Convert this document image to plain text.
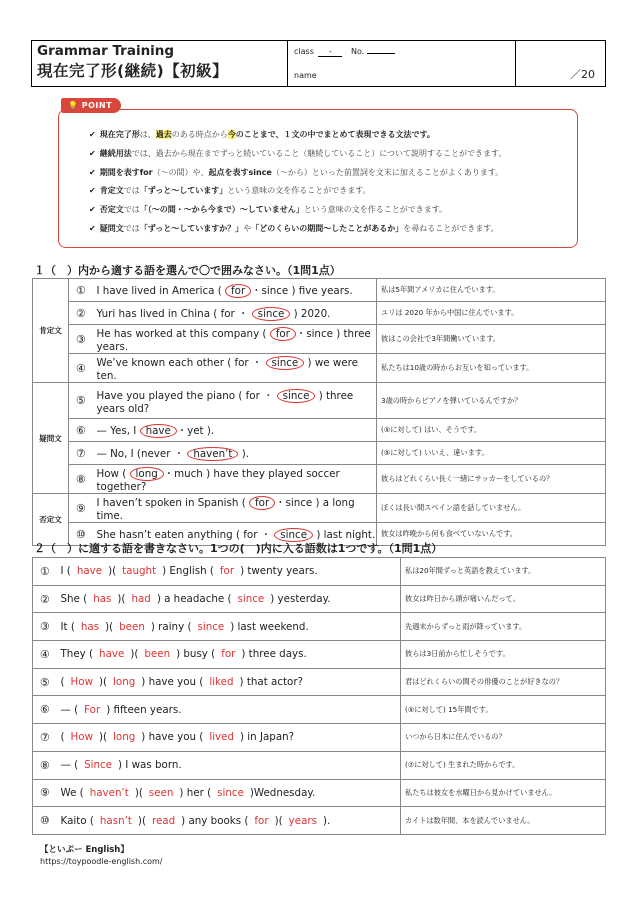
Grammar Training
現在完了形(継続)【初級】
class - No.
name	／20
💡 POINT
✔ 現在完了形は、過去のある時点から今のことまで、１文の中でまとめて表現できる文法です。
✔ 継続用法では、過去から現在までずっと続いていること（継続していること）について説明することができます。
✔ 期間を表すfor（〜の間）や、起点を表すsince（〜から）といった前置詞を文末に加えることがよくあります。
✔ 肯定文では「ずっと〜しています」という意味の文を作ることができます。
✔ 否定文では「（〜の間・〜から今まで）〜していません」という意味の文を作ることができます。
✔ 疑問文では「ずっと〜していますか？」や「どのくらいの期間〜したことがあるか」を尋ねることができます。
１（　）内から適する語を選んで〇で囲みなさい。（1問1点）
肯定文	①	I have lived in America ( for ・since ) five years.	私は5年間アメリカに住んでいます。
	②	Yuri has lived in China ( for ・ since ) 2020.	ユリは 2020 年から中国に住んでいます。
	③	He has worked at this company ( for ・since ) three years.	彼はこの会社で3年間働いています。
	④	We’ve known each other ( for ・ since ) we were ten.	私たちは10歳の時からお互いを知っています。
疑問文	⑤	Have you played the piano ( for ・ since ) three years old?	3歳の時からピアノを弾いているんですか？
	⑥	— Yes, I have ・yet ).	(⑤に対して) はい、そうです。
	⑦	— No, I (never ・ haven’t ).	(⑤に対して) いいえ、違います。
	⑧	How ( long ・much ) have they played soccer together?	彼らはどれくらい長く一緒にサッカーをしているの？
否定文	⑨	I haven’t spoken in Spanish ( for ・since ) a long time.	ぼくは長い間スペイン語を話していません。
	⑩	She hasn’t eaten anything ( for ・ since ) last night.	彼女は昨晩から何も食べていないんです。
２（　）に適する語を書きなさい。1つの(　)内に入る語数は1つです。（1問1点）
①	I ( have )( taught ) English ( for ) twenty years.	私は20年間ずっと英語を教えています。
②	She ( has )( had ) a headache ( since ) yesterday.	彼女は昨日から頭が痛いんだって。
③	It ( has )( been ) rainy ( since ) last weekend.	先週末からずっと雨が降っています。
④	They ( have )( been ) busy ( for ) three days.	彼らは3日前から忙しそうです。
⑤	( How )( long ) have you ( liked ) that actor?	君はどれくらいの間その俳優のことが好きなの？
⑥	— ( For ) fifteen years.	(⑤に対して) 15年間です。
⑦	( How )( long ) have you ( lived ) in Japan?	いつから日本に住んでいるの？
⑧	— ( Since ) I was born.	(⑦に対して) 生まれた時からです。
⑨	We ( haven’t )( seen ) her ( since )Wednesday.	私たちは彼女を水曜日から見かけていません。
⑩	Kaito ( hasn’t )( read ) any books ( for )( years ).	カイトは数年間、本を読んでいません。
【といぷー English】
https://toypoodle-english.com/
